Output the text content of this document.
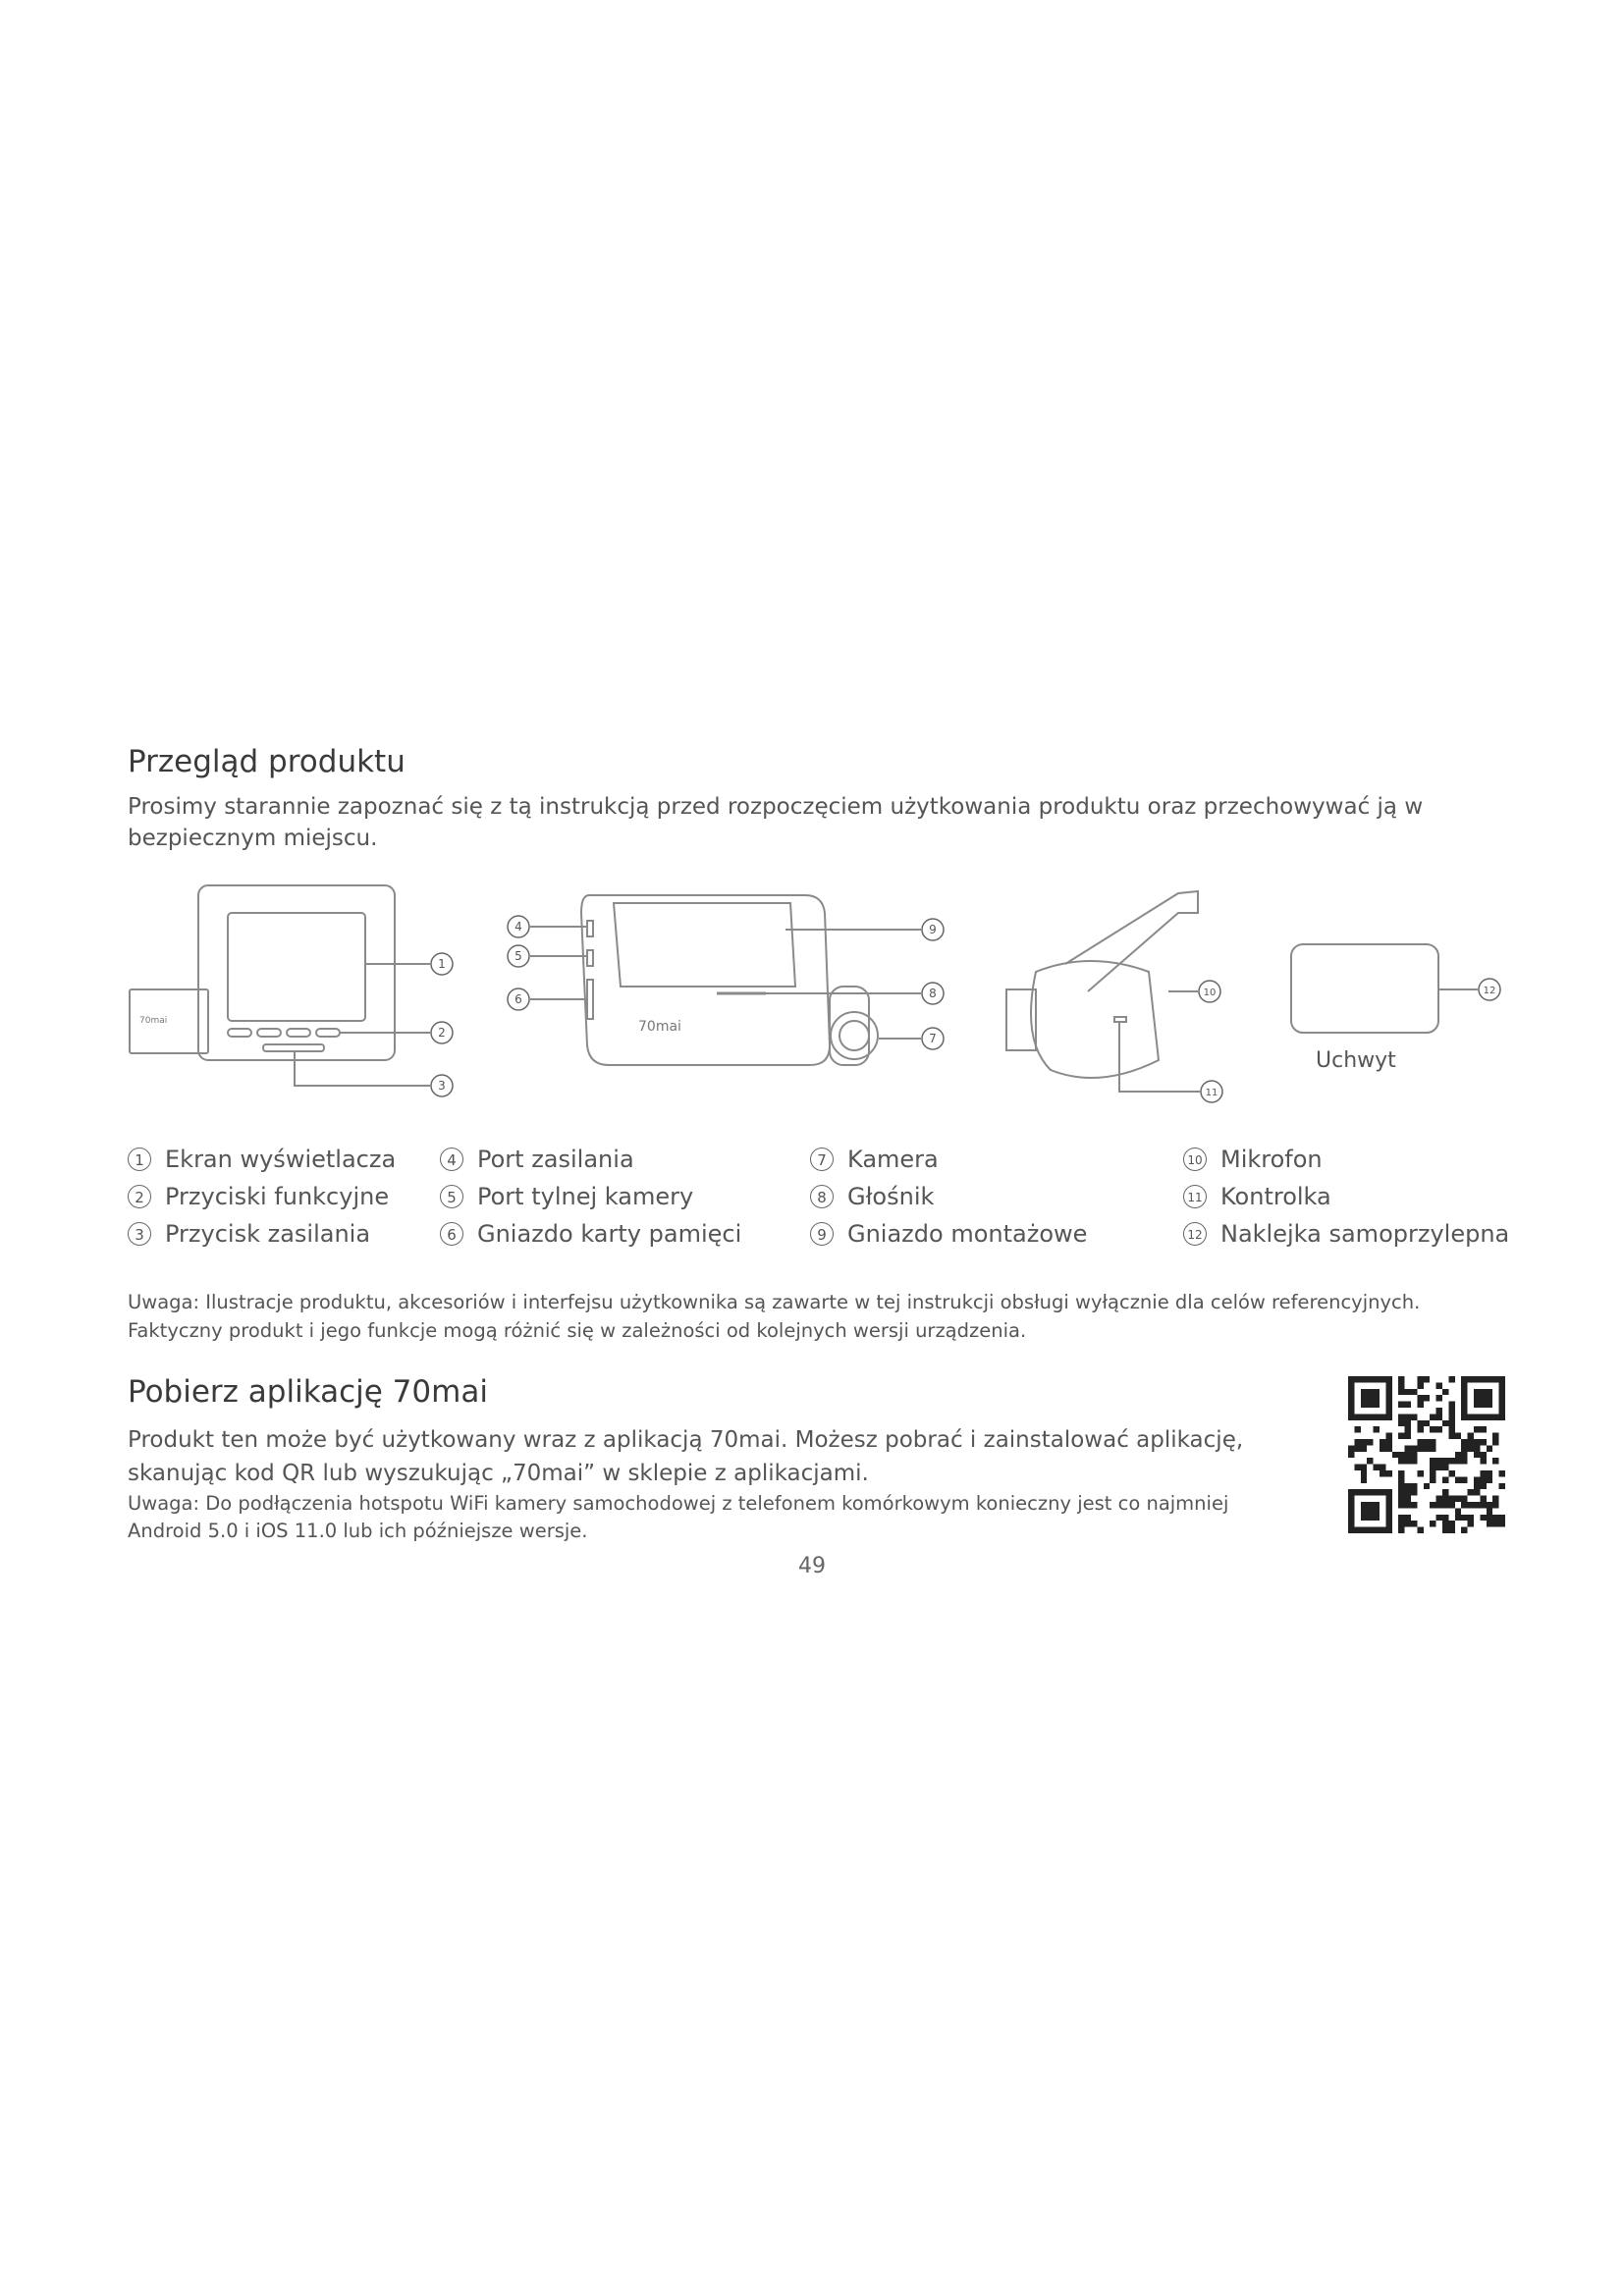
Przegląd produktu
Prosimy starannie zapoznać się z tą instrukcją przed rozpoczęciem użytkowania produktu oraz przechowywać ją w
bezpiecznym miejscu.
70mai	70mai
1
2
3
4
5
6
7
8
9
10
11
12
Uchwyt
1 Ekran wyświetlacza
2 Przyciski funkcyjne
3 Przycisk zasilania
4 Port zasilania
5 Port tylnej kamery
6 Gniazdo karty pamięci
7 Kamera
8 Głośnik
9 Gniazdo montażowe
10 Mikrofon
11 Kontrolka
12 Naklejka samoprzylepna
Uwaga: Ilustracje produktu, akcesoriów i interfejsu użytkownika są zawarte w tej instrukcji obsługi wyłącznie dla celów referencyjnych.
Faktyczny produkt i jego funkcje mogą różnić się w zależności od kolejnych wersji urządzenia.
Pobierz aplikację 70mai
Produkt ten może być użytkowany wraz z aplikacją 70mai. Możesz pobrać i zainstalować aplikację,
skanując kod QR lub wyszukując „70mai” w sklepie z aplikacjami.
Uwaga: Do podłączenia hotspotu WiFi kamery samochodowej z telefonem komórkowym konieczny jest co najmniej
Android 5.0 i iOS 11.0 lub ich późniejsze wersje.
49
